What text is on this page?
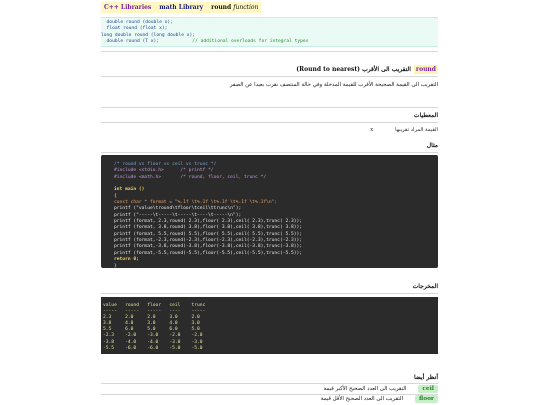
C++ Libraries math Library round function
double round (double x);
float round (float x);
long double round (long double x);
double round (T x);	// additional overloads for integral types
round
التقريب الى الأقرب (Round to nearest)
التقريب الى القيمة الصحيحة الأقرب للقيمة المدخلة وفي حالة المنتصف نقرب بعيدا عن الصفر
المعطيات
القيمة المراد تقريبها
x
مثال
/* round vs floor vs ceil vs trunc */
#include <stdio.h>      /* printf */
#include <math.h>       /* round, floor, ceil, trunc */

int main ()
{
const char * format = "%.1f \t%.1f \t%.1f \t%.1f \t%.1f\n";
printf ("value\tround\tfloor\tceil\ttrunc\n");
printf ("-----\t-----\t-----\t----\t-----\n");
printf (format, 2.3,round( 2.3),floor( 2.3),ceil( 2.3),trunc( 2.3));
printf (format, 3.8,round( 3.8),floor( 3.8),ceil( 3.8),trunc( 3.8));
printf (format, 5.5,round( 5.5),floor( 5.5),ceil( 5.5),trunc( 5.5));
printf (format,-2.3,round(-2.3),floor(-2.3),ceil(-2.3),trunc(-2.3));
printf (format,-3.8,round(-3.8),floor(-3.8),ceil(-3.8),trunc(-3.8));
printf (format,-5.5,round(-5.5),floor(-5.5),ceil(-5.5),trunc(-5.5));
return 0;
}
المخرجات
value   round   floor   ceil    trunc
-----   -----   -----   ----    -----
2.3     2.0     2.0     3.0     2.0
3.8     4.0     3.0     4.0     3.0
5.5     6.0     5.0     6.0     5.0
-2.3    -2.0    -3.0    -2.0    -2.0
-3.8    -4.0    -4.0    -3.0    -3.0
-5.5    -6.0    -6.0    -5.0    -5.0
أنظر أيضا
ceil
التقريب الى العدد الصحيح الأكبر قيمة
floor
التقريب الى العدد الصحيح الأقل قيمة
